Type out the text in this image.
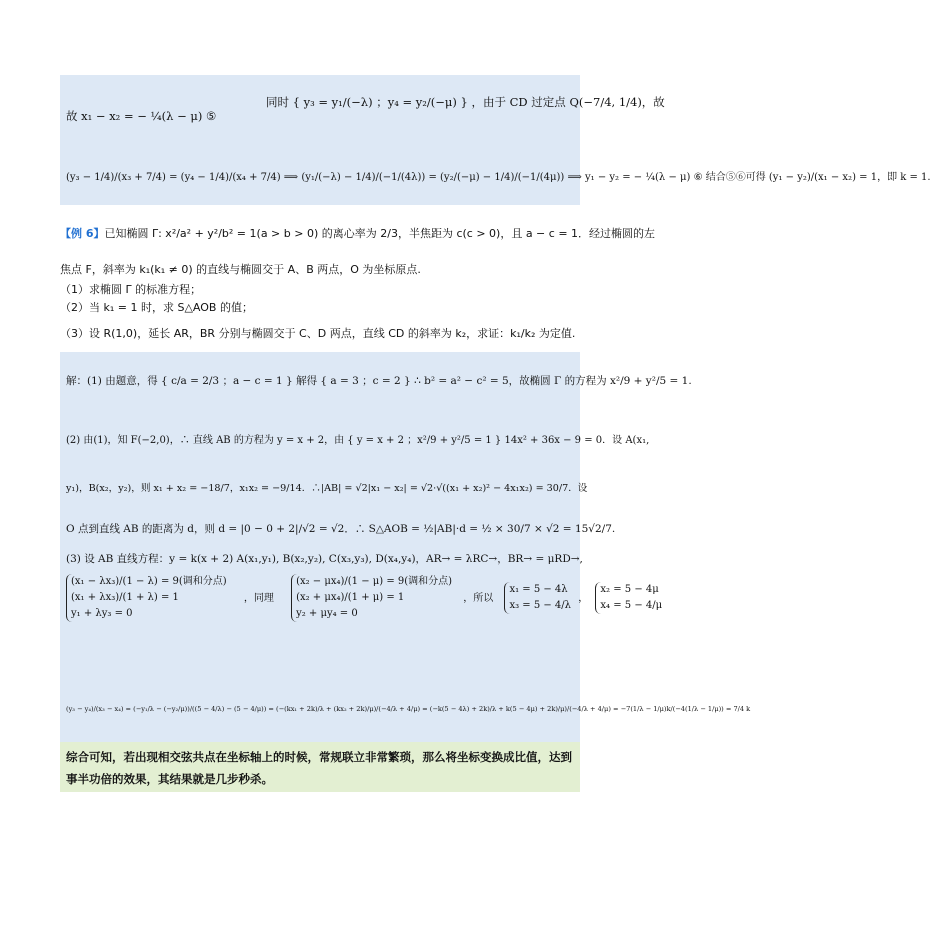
故 x₁ − x₂ = − ¼(λ − μ) ⑤
同时 { y₃ = y₁/(−λ) ；y₄ = y₂/(−μ) } ，由于 CD 过定点 Q(−7/4, 1/4)，故
(y₃ − 1/4)/(x₃ + 7/4) = (y₄ − 1/4)/(x₄ + 7/4) ⟹ (y₁/(−λ) − 1/4)/(−1/(4λ)) = (y₂/(−μ) − 1/4)/(−1/(4μ)) ⟹ y₁ − y₂ = − ¼(λ − μ) ⑥ 结合⑤⑥可得 (y₁ − y₂)/(x₁ − x₂) = 1，即 k = 1.
【例 6】已知椭圆 Γ: x²/a² + y²/b² = 1(a > b > 0) 的离心率为 2/3，半焦距为 c(c > 0)，且 a − c = 1．经过椭圆的左
焦点 F，斜率为 k₁(k₁ ≠ 0) 的直线与椭圆交于 A、B 两点，O 为坐标原点.
（1）求椭圆 Γ 的标准方程；
（2）当 k₁ = 1 时，求 S△AOB 的值；
（3）设 R(1,0)，延长 AR，BR 分别与椭圆交于 C、D 两点，直线 CD 的斜率为 k₂，求证：k₁/k₂ 为定值.
解：(1) 由题意，得 { c/a = 2/3 ；a − c = 1 } 解得 { a = 3 ；c = 2 } ∴ b² = a² − c² = 5，故椭圆 Γ 的方程为 x²/9 + y²/5 = 1.
(2) 由(1)，知 F(−2,0)，∴ 直线 AB 的方程为 y = x + 2，由 { y = x + 2 ；x²/9 + y²/5 = 1 } 14x² + 36x − 9 = 0．设 A(x₁,
y₁)，B(x₂，y₂)，则 x₁ + x₂ = −18/7，x₁x₂ = −9/14．∴|AB| = √2|x₁ − x₂| = √2·√((x₁ + x₂)² − 4x₁x₂) = 30/7．设
O 点到直线 AB 的距离为 d，则 d = |0 − 0 + 2|/√2 = √2．∴ S△AOB = ½|AB|·d = ½ × 30/7 × √2 = 15√2/7.
(3) 设 AB 直线方程：y = k(x + 2) A(x₁,y₁), B(x₂,y₂), C(x₃,y₃), D(x₄,y₄)，AR→ = λRC→，BR→ = μRD→,
(x₁ − λx₃)/(1 − λ) = 9(调和分点)
(x₁ + λx₃)/(1 + λ) = 1
y₁ + λy₃ = 0
，同理
(x₂ − μx₄)/(1 − μ) = 9(调和分点)
(x₂ + μx₄)/(1 + μ) = 1
y₂ + μy₄ = 0
，所以
x₁ = 5 − 4λ
x₃ = 5 − 4/λ
，
x₂ = 5 − 4μ
x₄ = 5 − 4/μ
(y₃ − y₄)/(x₃ − x₄) = (−y₁/λ − (−y₂/μ))/((5 − 4/λ) − (5 − 4/μ)) = (−(kx₁ + 2k)/λ + (kx₂ + 2k)/μ)/(−4/λ + 4/μ) = (−k(5 − 4λ) + 2k)/λ + k(5 − 4μ) + 2k)/μ)/(−4/λ + 4/μ) = −7(1/λ − 1/μ)k/(−4(1/λ − 1/μ)) = 7/4 k
综合可知，若出现相交弦共点在坐标轴上的时候，常规联立非常繁琐，那么将坐标变换成比值，达到事半功倍的效果，其结果就是几步秒杀。
